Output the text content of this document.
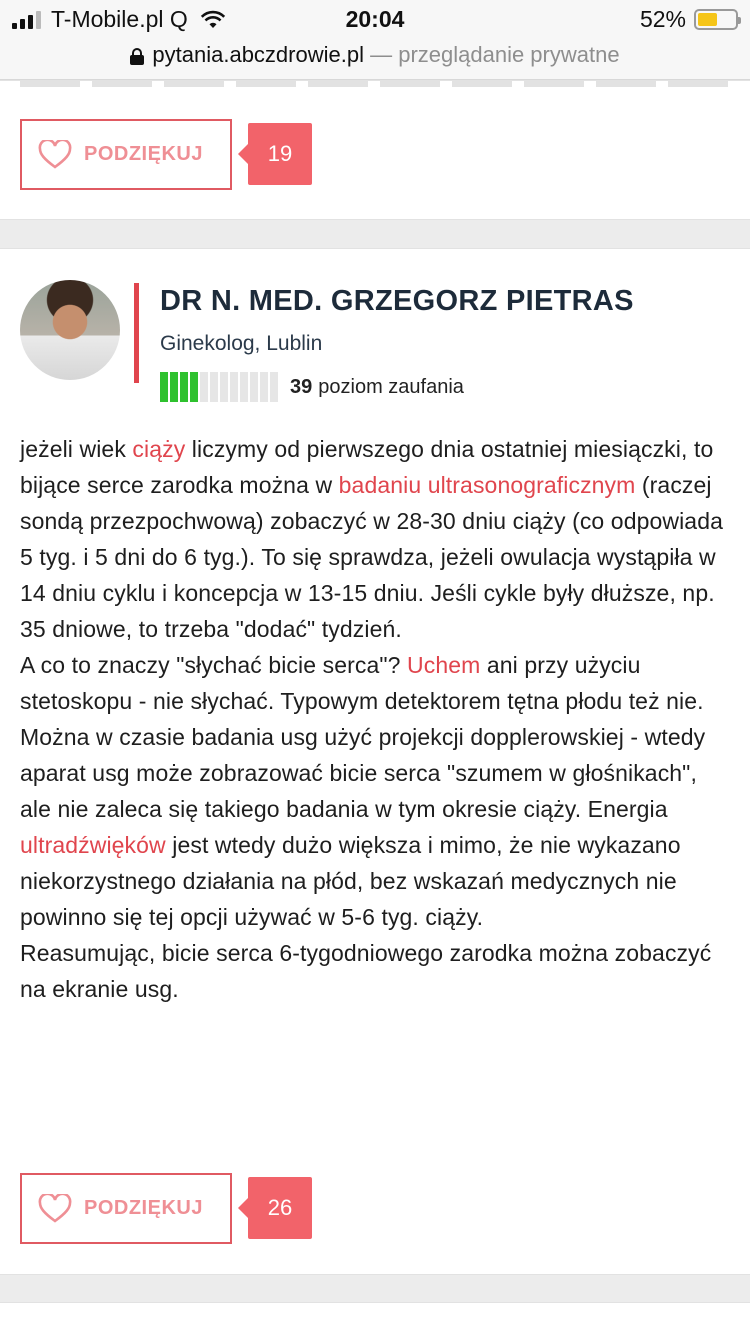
T-Mobile.pl Q	20:04	52%
pytania.abczdrowie.pl — przeglądanie prywatne
PODZIĘKUJ	19
DR N. MED. GRZEGORZ PIETRAS
Ginekolog, Lublin
39 poziom zaufania
jeżeli wiek ciąży liczymy od pierwszego dnia ostatniej miesiączki, to bijące serce zarodka można w badaniu ultrasonograficznym (raczej sondą przezpochwową) zobaczyć w 28-30 dniu ciąży (co odpowiada 5 tyg. i 5 dni do 6 tyg.). To się sprawdza, jeżeli owulacja wystąpiła w 14 dniu cyklu i koncepcja w 13-15 dniu. Jeśli cykle były dłuższe, np. 35 dniowe, to trzeba "dodać" tydzień.
A co to znaczy "słychać bicie serca"? Uchem ani przy użyciu stetoskopu - nie słychać. Typowym detektorem tętna płodu też nie. Można w czasie badania usg użyć projekcji dopplerowskiej - wtedy aparat usg może zobrazować bicie serca "szumem w głośnikach", ale nie zaleca się takiego badania w tym okresie ciąży. Energia ultradźwięków jest wtedy dużo większa i mimo, że nie wykazano niekorzystnego działania na płód, bez wskazań medycznych nie powinno się tej opcji używać w 5-6 tyg. ciąży.
Reasumując, bicie serca 6-tygodniowego zarodka można zobaczyć na ekranie usg.
PODZIĘKUJ	26
